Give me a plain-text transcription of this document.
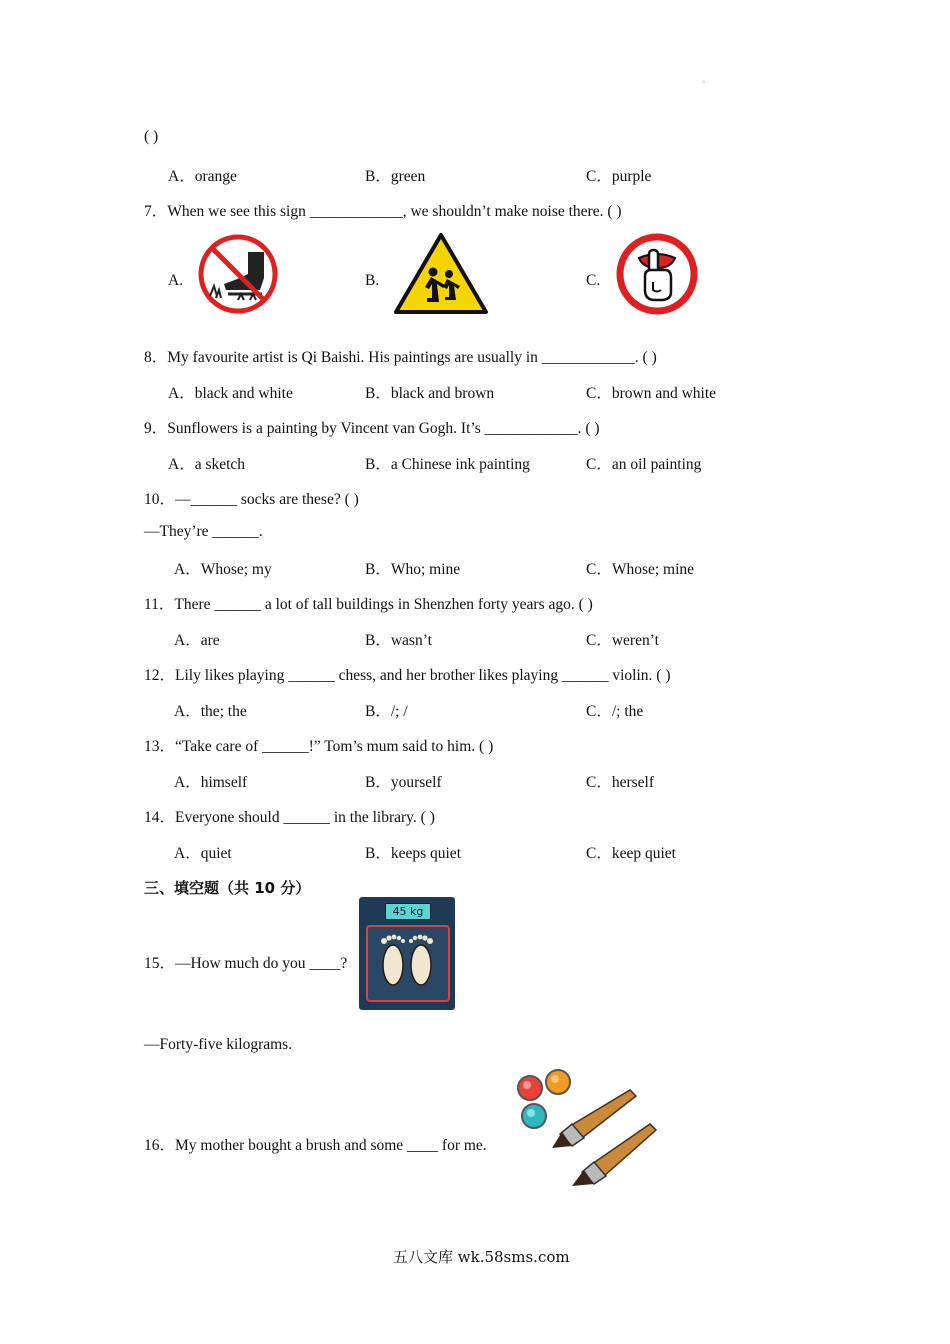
。
( )
A．orange	B．green	C．purple
7．When we see this sign ____________, we shouldn’t make noise there. ( )
A.	B.	C.
8．My favourite artist is Qi Baishi. His paintings are usually in ____________. ( )
A．black and white	B．black and brown	C．brown and white
9．Sunflowers is a painting by Vincent van Gogh. It’s ____________. ( )
A．a sketch	B．a Chinese ink painting	C．an oil painting
10．—______ socks are these? ( )
—They’re ______.
A．Whose; my	B．Who; mine	C．Whose; mine
11．There ______ a lot of tall buildings in Shenzhen forty years ago. ( )
A．are	B．wasn’t	C．weren’t
12．Lily likes playing ______ chess, and her brother likes playing ______ violin. ( )
A．the; the	B．/; /	C．/; the
13．“Take care of ______!” Tom’s mum said to him. ( )
A．himself	B．yourself	C．herself
14．Everyone should ______ in the library. ( )
A．quiet	B．keeps quiet	C．keep quiet
三、填空题（共 10 分）
15．—How much do you ____?
45 kg
—Forty-five kilograms.
16．My mother bought a brush and some ____ for me.
五八文库 wk.58sms.com
